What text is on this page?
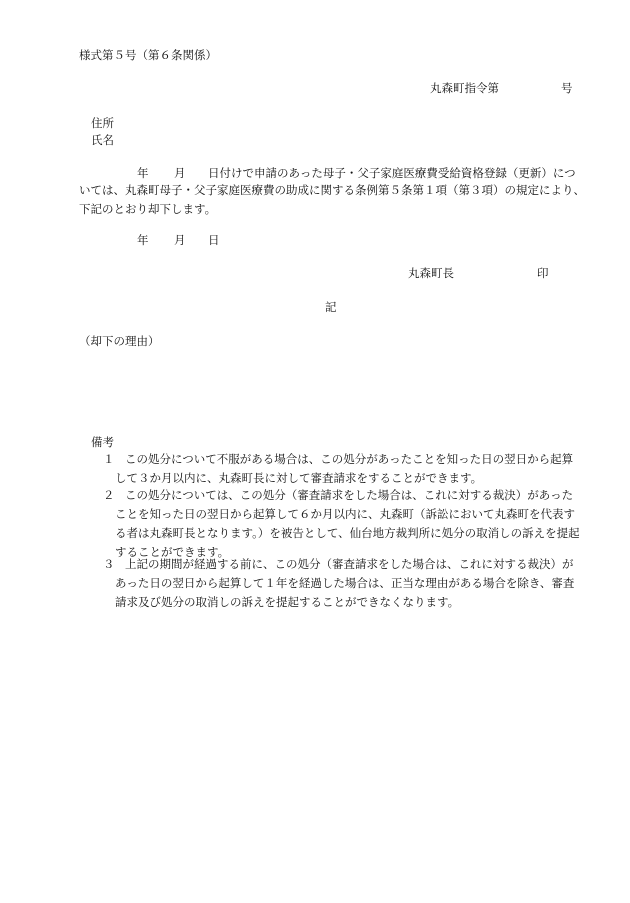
様式第５号（第６条関係）
丸森町指令第	号
住所
氏名
年 月 日付けで申請のあった母子・父子家庭医療費受給資格登録（更新）につ
いては、丸森町母子・父子家庭医療費の助成に関する条例第５条第１項（第３項）の規定により、
下記のとおり却下します。
年 月 日
丸森町長	印
記
（却下の理由）
備考
１ この処分について不服がある場合は、この処分があったことを知った日の翌日から起算
して３か月以内に、丸森町長に対して審査請求をすることができます。
２ この処分については、この処分（審査請求をした場合は、これに対する裁決）があった
ことを知った日の翌日から起算して６か月以内に、丸森町（訴訟において丸森町を代表す
る者は丸森町長となります。）を被告として、仙台地方裁判所に処分の取消しの訴えを提起
することができます。
３ 上記の期間が経過する前に、この処分（審査請求をした場合は、これに対する裁決）が
あった日の翌日から起算して１年を経過した場合は、正当な理由がある場合を除き、審査
請求及び処分の取消しの訴えを提起することができなくなります。
